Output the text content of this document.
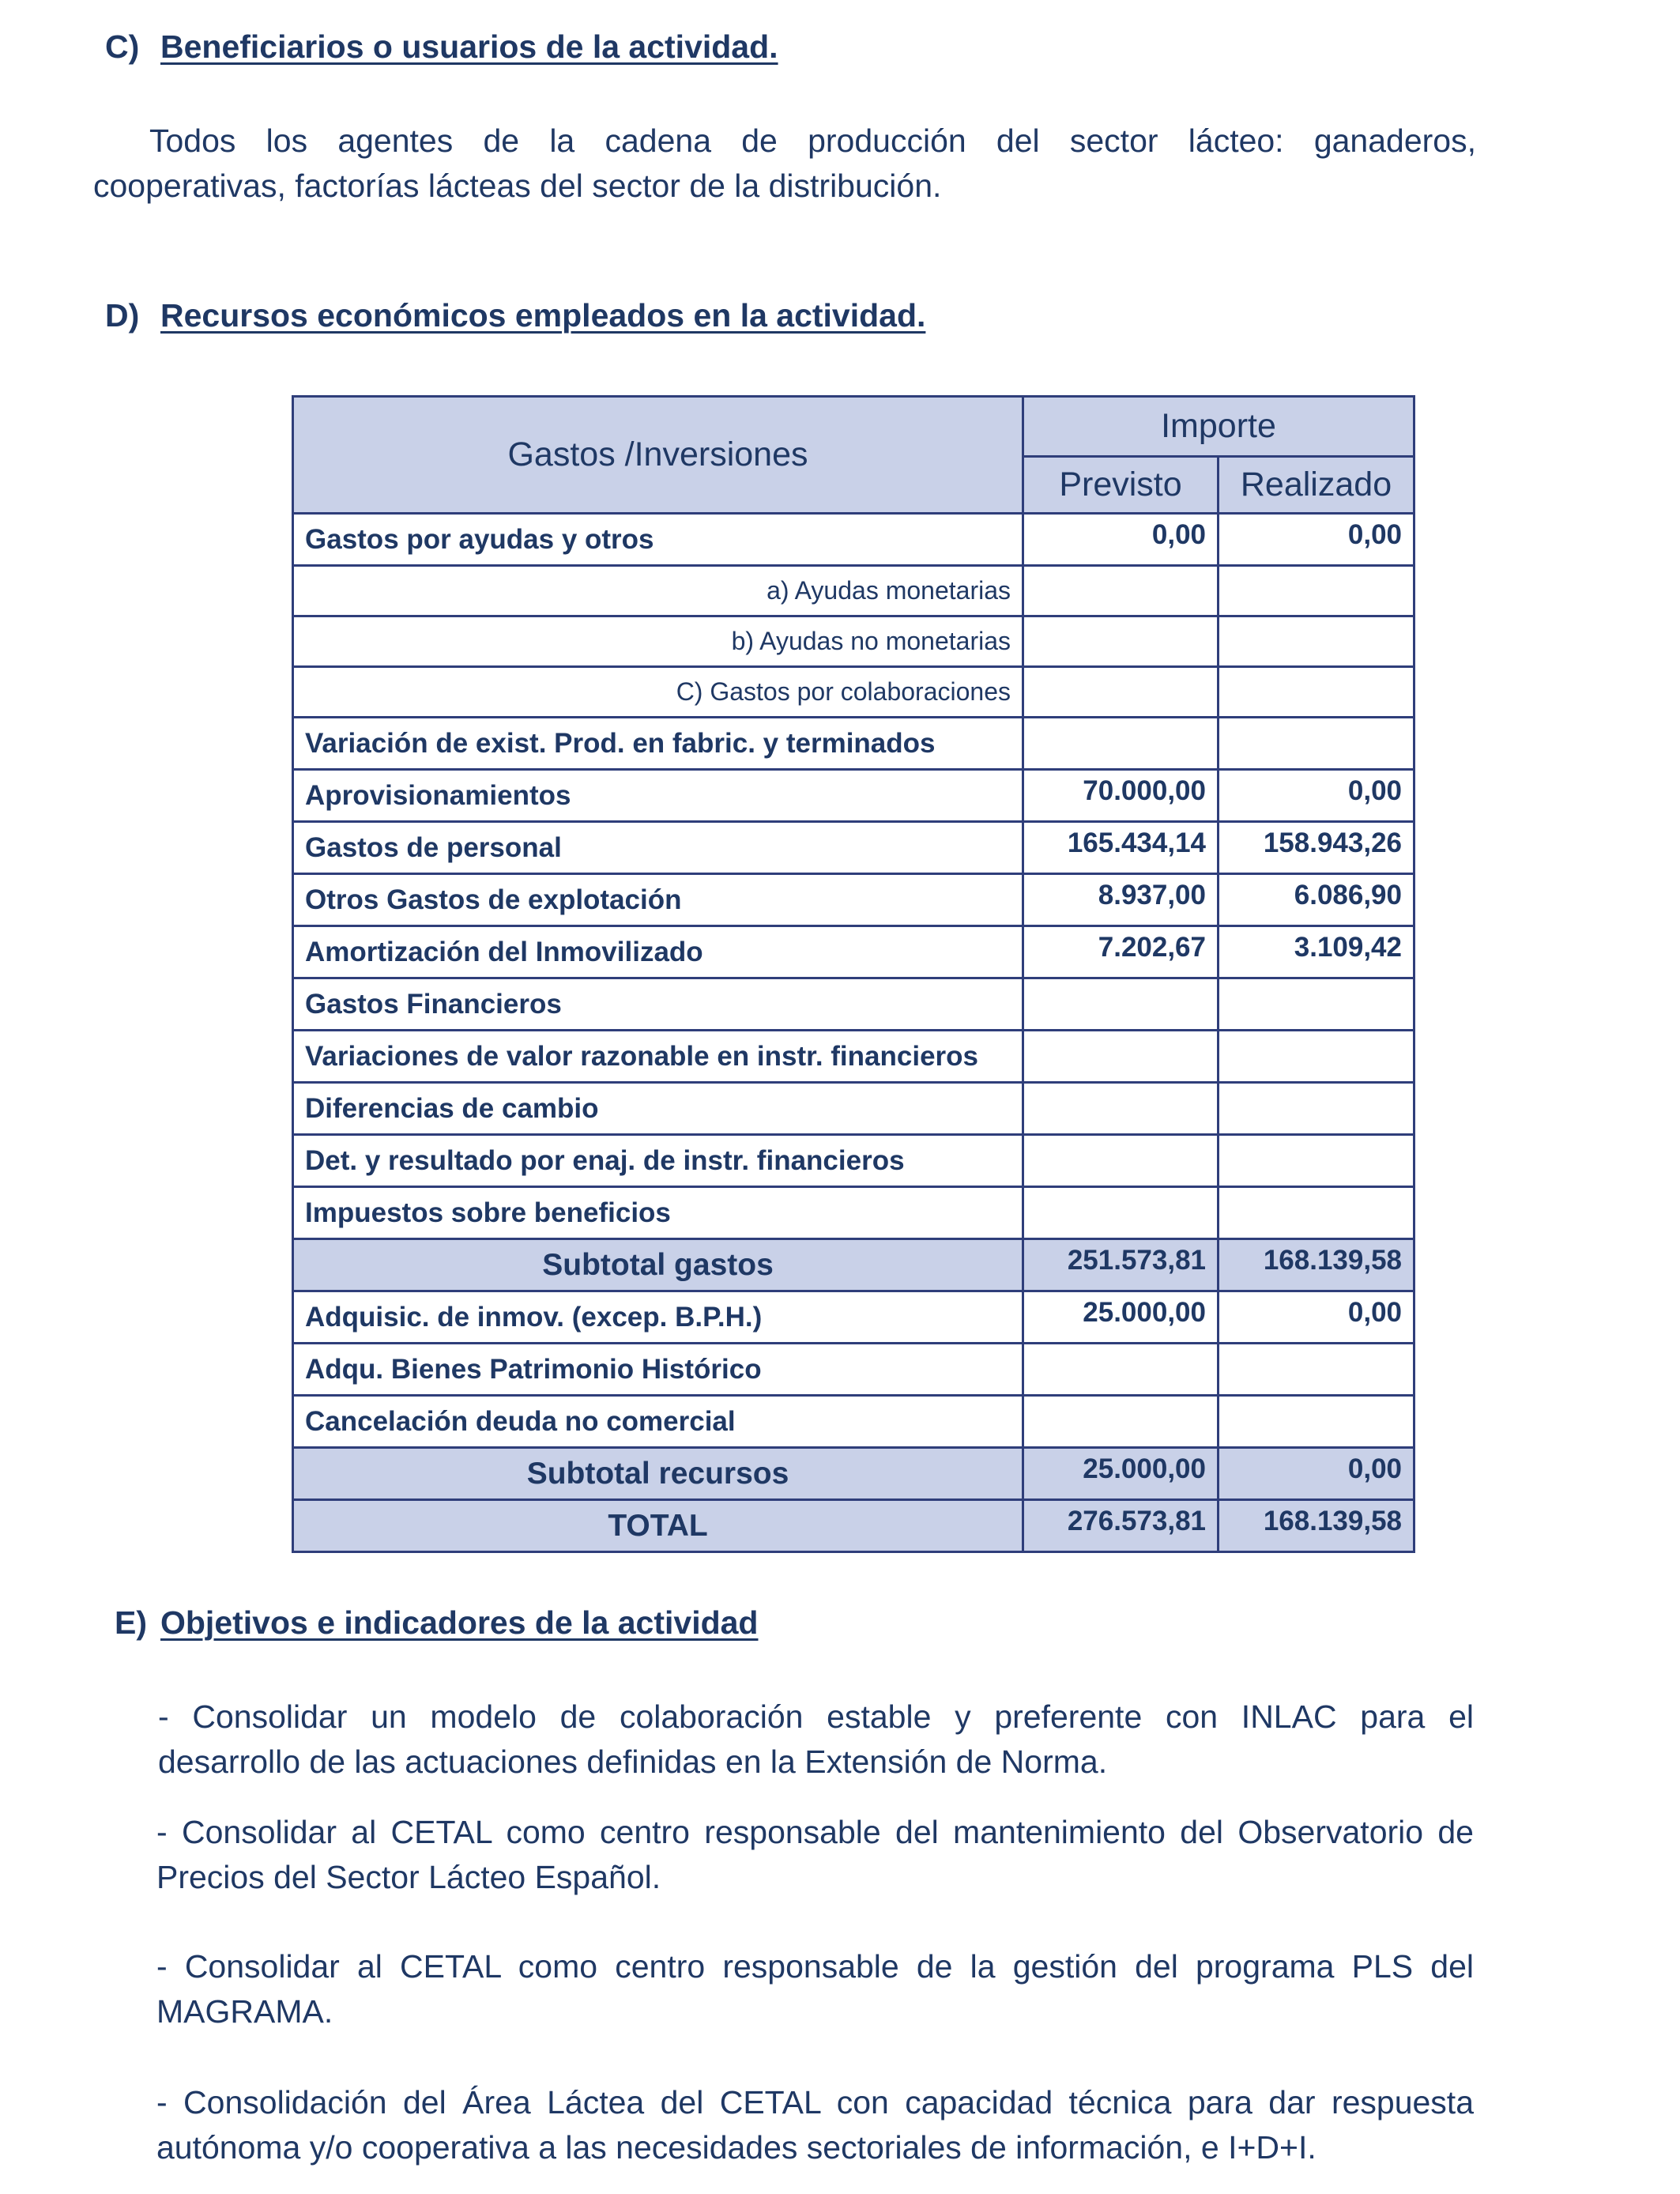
C) Beneficiarios o usuarios de la actividad.
Todos los agentes de la cadena de producción del sector lácteo: ganaderos,
cooperativas, factorías lácteas del sector de la distribución.
D) Recursos económicos empleados en la actividad.
Gastos /Inversiones	Importe	
	Previsto	Realizado
Gastos por ayudas y otros	0,00	0,00
a) Ayudas monetarias		
b) Ayudas no monetarias		
C) Gastos por colaboraciones		
Variación de exist. Prod. en fabric. y terminados		
Aprovisionamientos	70.000,00	0,00
Gastos de personal	165.434,14	158.943,26
Otros Gastos de explotación	8.937,00	6.086,90
Amortización del Inmovilizado	7.202,67	3.109,42
Gastos Financieros		
Variaciones de valor razonable en instr. financieros		
Diferencias de cambio		
Det. y resultado por enaj. de instr. financieros		
Impuestos sobre beneficios		
Subtotal gastos	251.573,81	168.139,58
Adquisic. de inmov. (excep. B.P.H.)	25.000,00	0,00
Adqu. Bienes Patrimonio Histórico		
Cancelación deuda no comercial		
Subtotal recursos	25.000,00	0,00
TOTAL	276.573,81	168.139,58
E) Objetivos e indicadores de la actividad
- Consolidar un modelo de colaboración estable y preferente con INLAC para el
desarrollo de las actuaciones definidas en la Extensión de Norma.
- Consolidar al CETAL como centro responsable del mantenimiento del Observatorio de
Precios del Sector Lácteo Español.
- Consolidar al CETAL como centro responsable de la gestión del programa PLS del
MAGRAMA.
- Consolidación del Área Láctea del CETAL con capacidad técnica para dar respuesta
autónoma y/o cooperativa a las necesidades sectoriales de información, e I+D+I.
